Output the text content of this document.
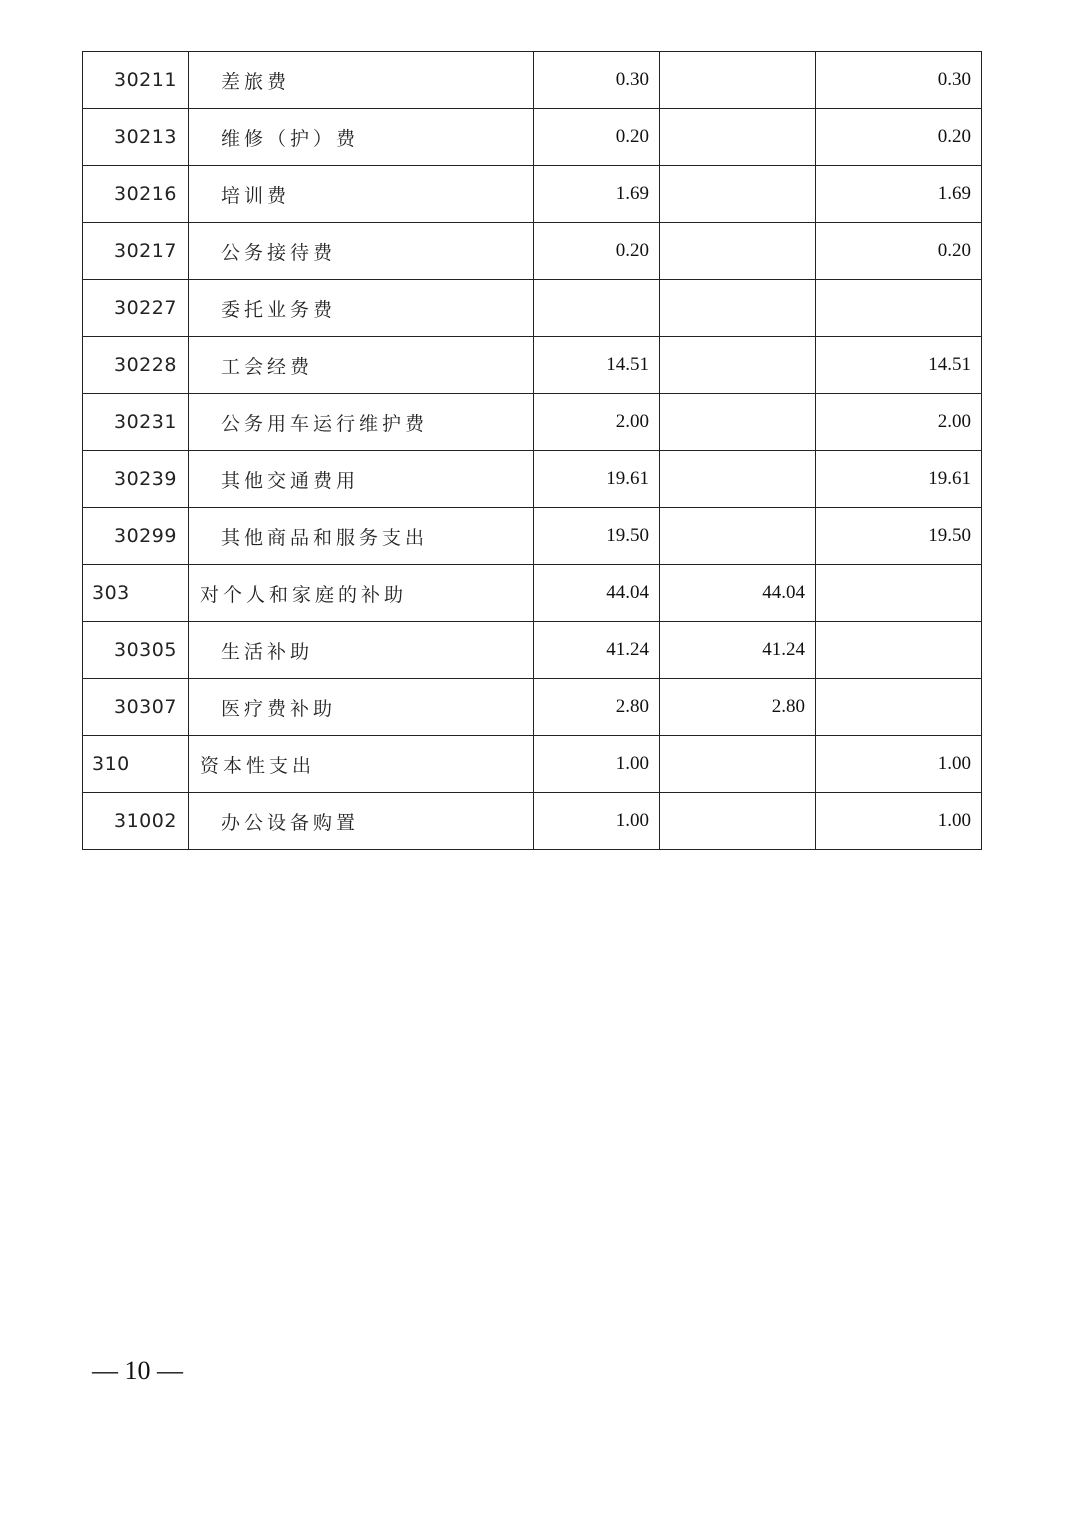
30211	差旅费	0.30		0.30
30213	维修（护）费	0.20		0.20
30216	培训费	1.69		1.69
30217	公务接待费	0.20		0.20
30227	委托业务费			
30228	工会经费	14.51		14.51
30231	公务用车运行维护费	2.00		2.00
30239	其他交通费用	19.61		19.61
30299	其他商品和服务支出	19.50		19.50
303	对个人和家庭的补助	44.04	44.04	
30305	生活补助	41.24	41.24	
30307	医疗费补助	2.80	2.80	
310	资本性支出	1.00		1.00
31002	办公设备购置	1.00		1.00
— 10 —
